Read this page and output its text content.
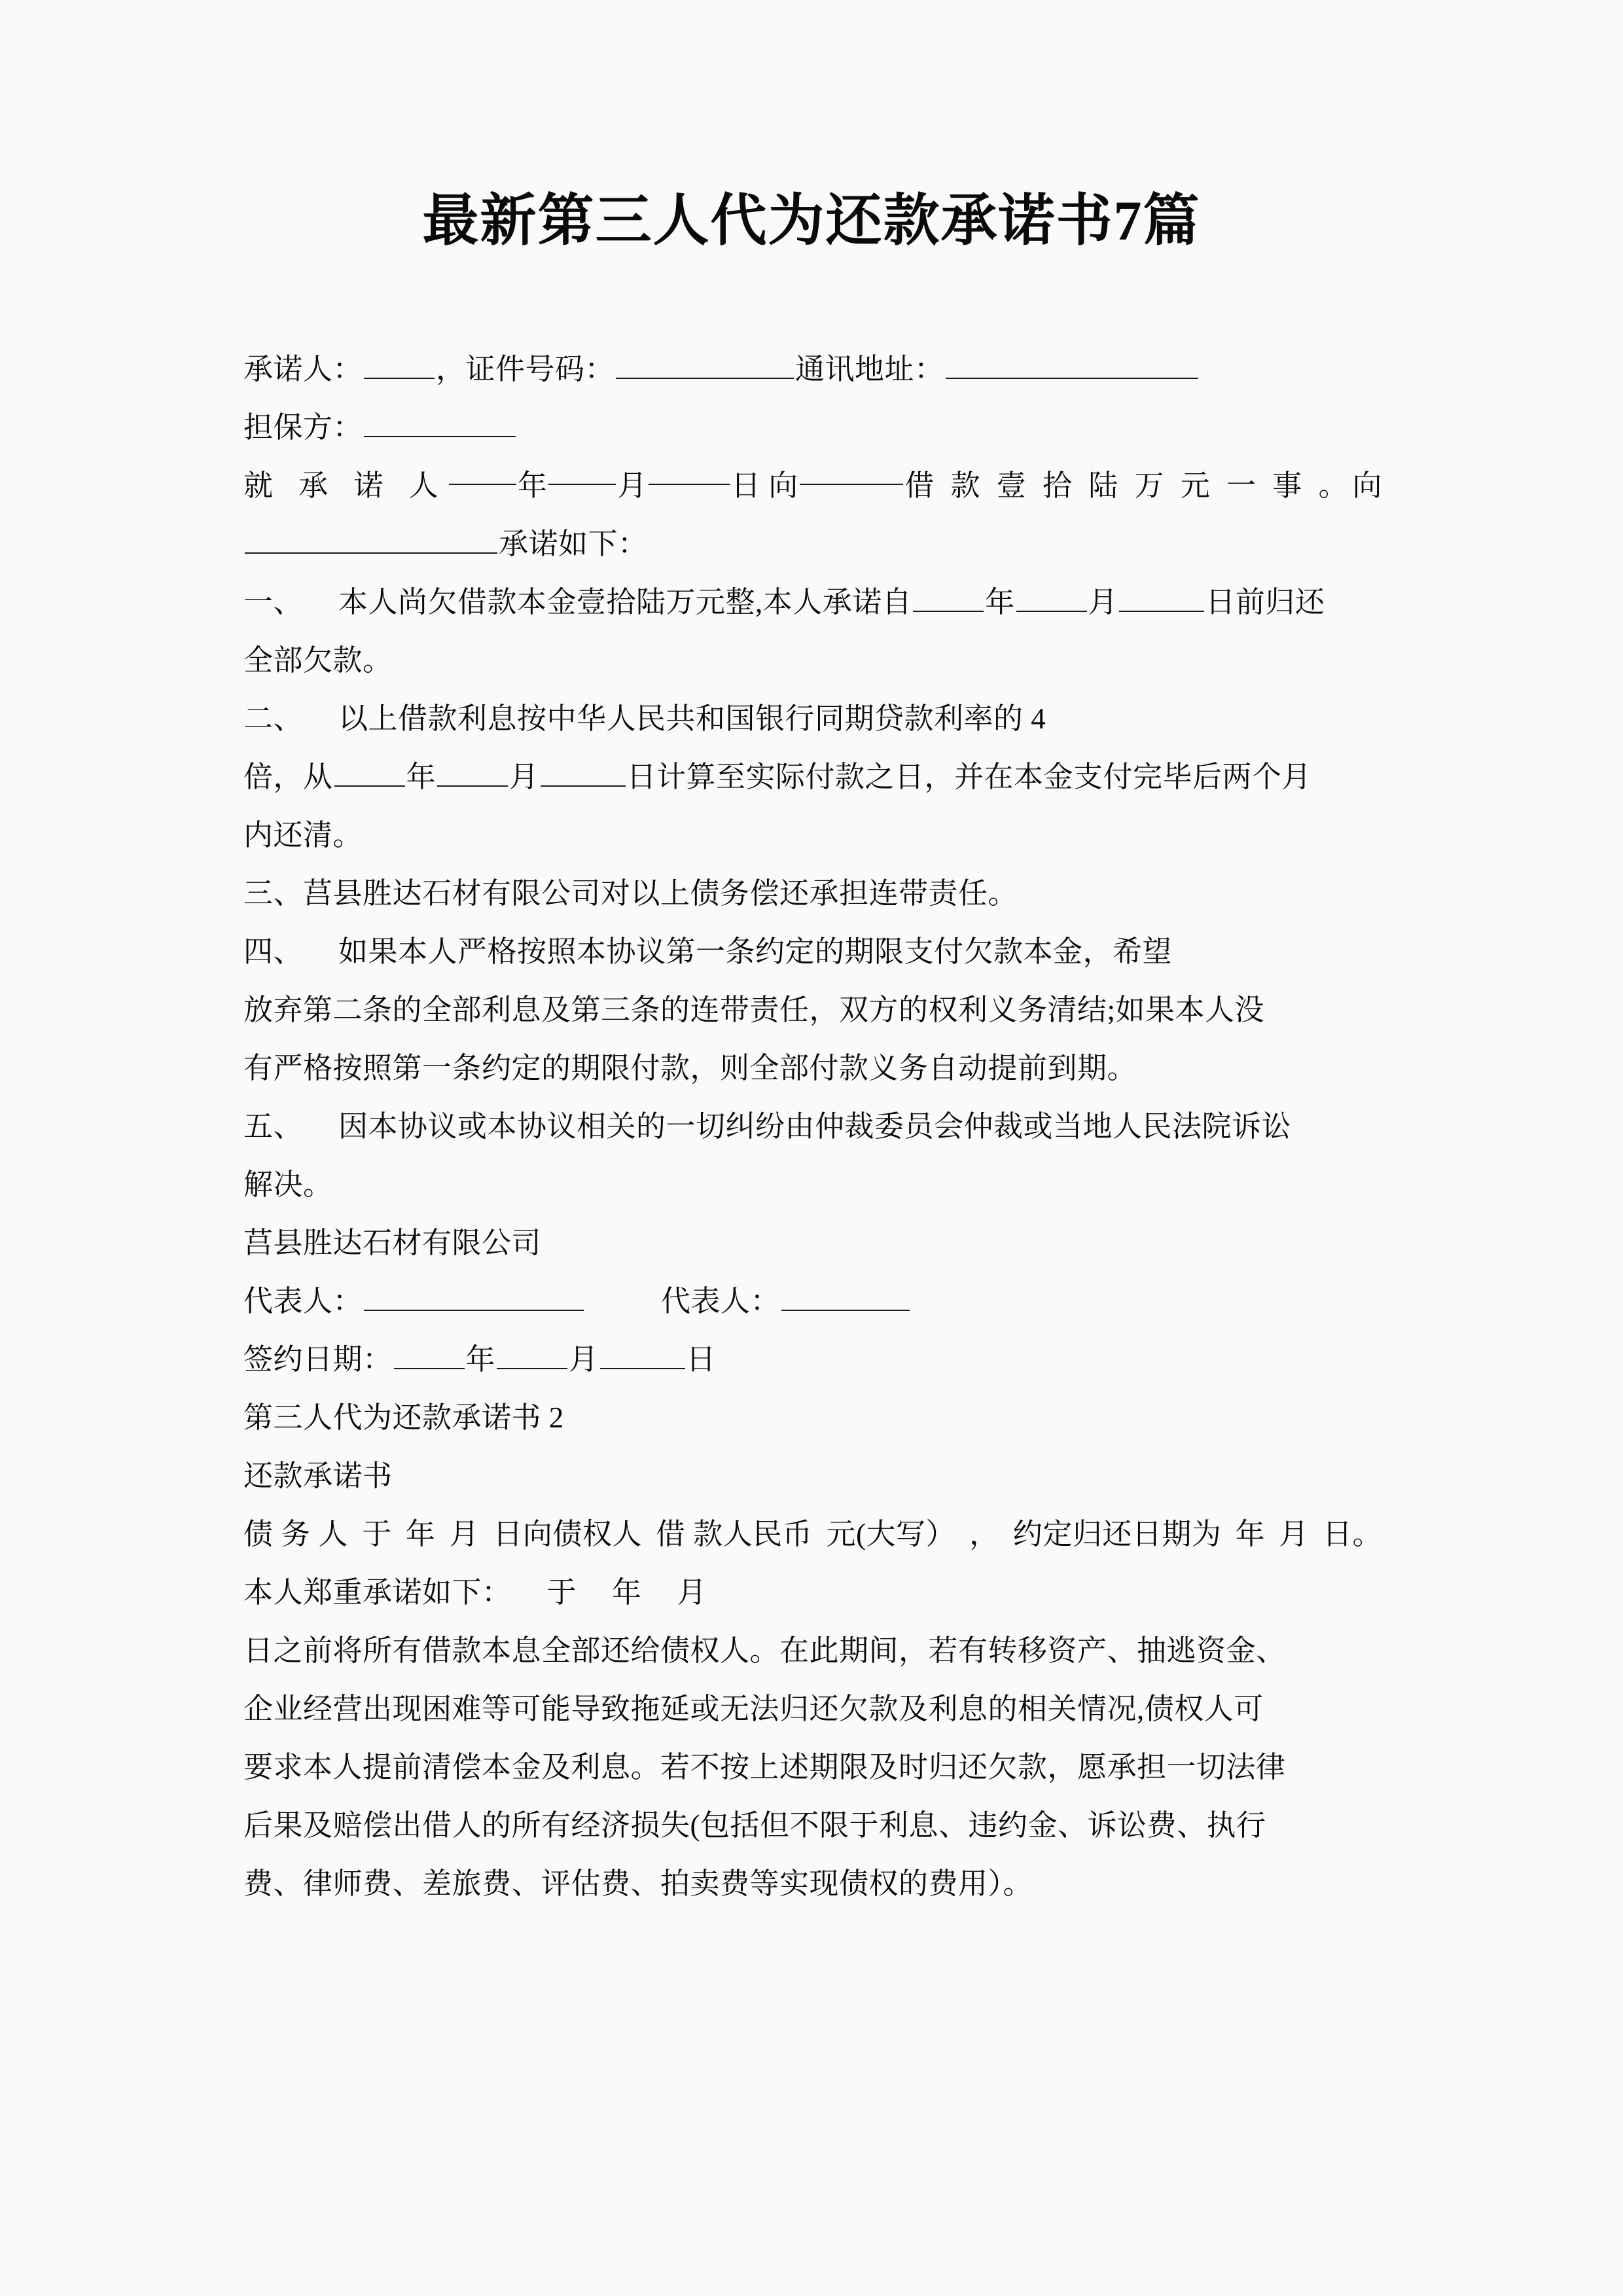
最新第三人代为还款承诺书7篇
承诺人： ，证件号码：	通讯地址：
担保方：
就 承 诺 人 年 月	日 向	借 款 壹 拾 陆 万 元 一 事 。 向
承诺如下：
一、 本人尚欠借款本金壹拾陆万元整,本人承诺自 年 月	日前归还
全部欠款。
二、 以上借款利息按中华人民共和国银行同期贷款利率的 4
倍，从 年 月	日计算至实际付款之日，并在本金支付完毕后两个月
内还清。
三、莒县胜达石材有限公司对以上债务偿还承担连带责任。
四、 如果本人严格按照本协议第一条约定的期限支付欠款本金，希望
放弃第二条的全部利息及第三条的连带责任，双方的权利义务清结;如果本人没
有严格按照第一条约定的期限付款，则全部付款义务自动提前到期。
五、 因本协议或本协议相关的一切纠纷由仲裁委员会仲裁或当地人民法院诉讼
解决。
莒县胜达石材有限公司
代表人：	代表人：
签约日期： 年 月	日
第三人代为还款承诺书 2
还款承诺书
债 务 人 于 年 月 日向债权人 借 款人民币 元(大写） ， 约定归还日期为 年 月 日。
本人郑重承诺如下： 于 年 月
日之前将所有借款本息全部还给债权人。在此期间，若有转移资产、抽逃资金、
企业经营出现困难等可能导致拖延或无法归还欠款及利息的相关情况,债权人可
要求本人提前清偿本金及利息。若不按上述期限及时归还欠款，愿承担一切法律
后果及赔偿出借人的所有经济损失(包括但不限于利息、违约金、诉讼费、执行
费、律师费、差旅费、评估费、拍卖费等实现债权的费用）。
